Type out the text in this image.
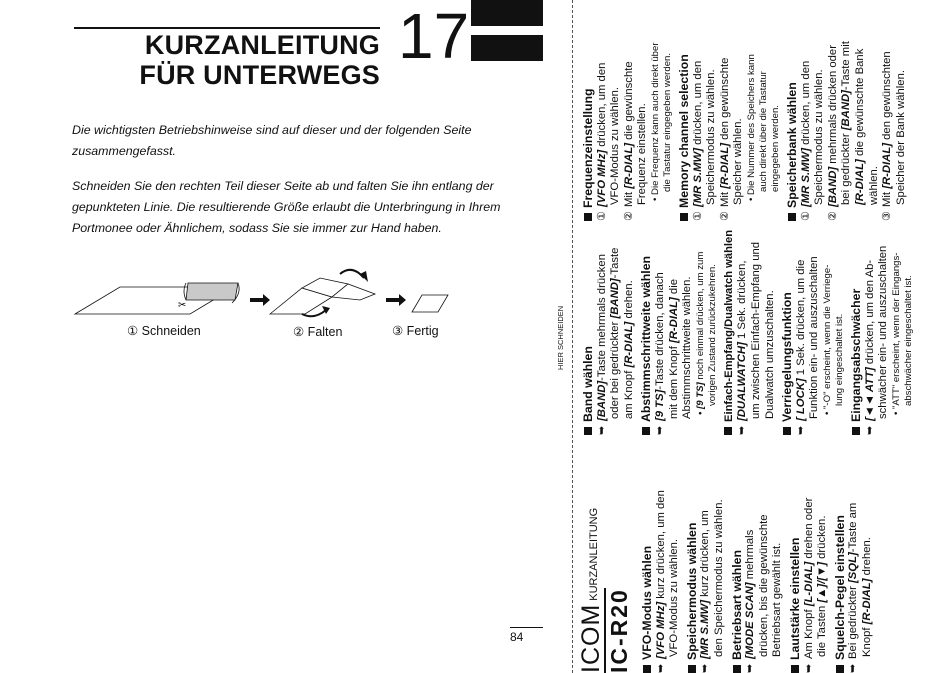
17
KURZANLEITUNG
FÜR UNTERWEGS
Die wichtigsten Betriebshinweise sind auf dieser und der folgenden Seite zusammengefasst.
Schneiden Sie den rechten Teil dieser Seite ab und falten Sie ihn entlang der gepunkteten Linie. Die resultierende Größe erlaubt die Unterbringung in Ihrem Portmonee oder Ähnlichem, sodass Sie sie immer zur Hand haben.
✂
① Schneiden	② Falten	③ Fertig
84
HIER SCHNEIDEN
ICOMKURZANLEITUNG
IC-R20 VFO-Modus wählen
➥[VFO MHz] kurz drücken, um den VFO-Modus zu wählen. Speichermodus wählen
➥[MR S.MW] kurz drücken, um den Speichermodus zu wählen. Betriebsart wählen
➥[MODE SCAN] mehrmals drücken, bis die gewünschte Betriebsart gewählt ist. Lautstärke einstellen
➥Am Knopf [L-DIAL] drehen oder
die Tasten [▲]/[▼] drücken. Squelch-Pegel einstellen
➥Bei gedrückter [SQL]-Taste am
Knopf [R-DIAL] drehen.
Band wählen
➥[BAND]-Taste mehrmals drücken oder bei gedrückter [BAND]-Taste
am Knopf [R-DIAL] drehen. Abstimmschrittweite wählen
➥[9 TS]-Taste drücken, danach mit dem Knopf [R-DIAL] die Abstimmschrittweite wählen. • [9 TS] noch einmal drücken, um zum vorigen Zustand zurückzukehren. Einfach-Empfang/Dualwatch wählen
➥[DUALWATCH] 1 Sek. drücken, um zwischen Einfach-Empfang und Dualwatch umzuschalten. Verriegelungsfunktion
➥[ LOCK] 1 Sek. drücken, um die Funktion ein- und auszuschalten • "-O" erscheint, wenn die Verriege- lung eingeschaltet ist. Eingangsabschwächer
➥[◄◄ ATT] drücken, um den Ab- schwächer ein- und auszuschalten • "ATT" erscheint, wenn der Eingangs- abschwächer eingeschaltet ist.
Frequenzeinstellung
①[VFO MHz] drücken, um den VFO-Modus zu wählen.
②Mit [R-DIAL] die gewünschte
Frequenz einstellen. • Die Frequenz kann auch direkt über die Tastatur eingegeben werden. Memory channel selection
①[MR S.MW] drücken, um den Speichermodus zu wählen.
②Mit [R-DIAL] den gewünschte
Speicher wählen. • Die Nummer des Speichers kann auch direkt über die Tastatur eingegeben werden. Speicherbank wählen
①[MR S.MW] drücken, um den Speichermodus zu wählen.
②[BAND] mehrmals drücken oder
bei gedrückter [BAND]-Taste mit
[R-DIAL] die gewünschte Bank
wählen.
③Mit [R-DIAL] den gewünschten Speicher der Bank wählen.
